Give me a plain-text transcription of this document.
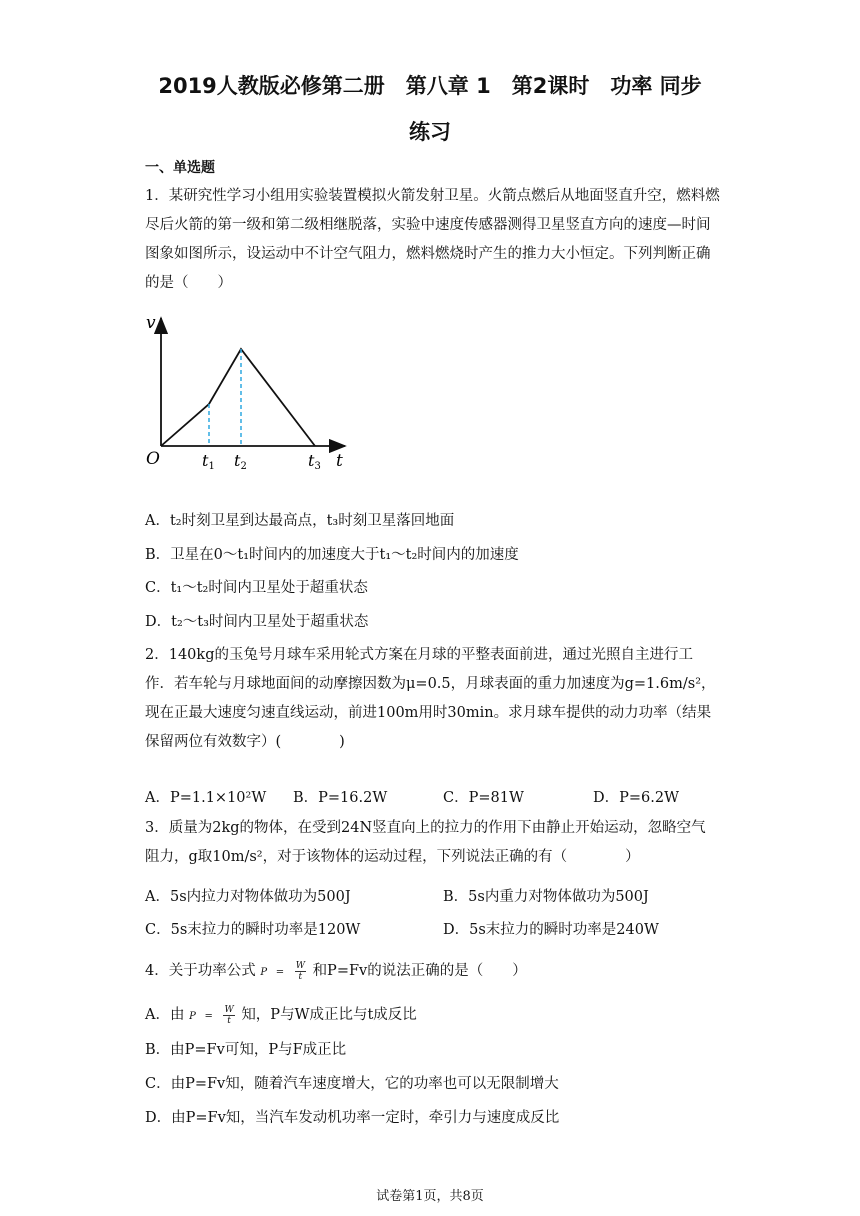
2019人教版必修第二册　第八章 1　第2课时　功率 同步
练习
一、单选题
1．某研究性学习小组用实验装置模拟火箭发射卫星。火箭点燃后从地面竖直升空，燃料燃尽后火箭的第一级和第二级相继脱落，实验中速度传感器测得卫星竖直方向的速度—时间图象如图所示，设运动中不计空气阻力，燃料燃烧时产生的推力大小恒定。下列判断正确的是（　　）
v
O	t
t1 t2	t3
A．t₂时刻卫星到达最高点，t₃时刻卫星落回地面
B．卫星在0～t₁时间内的加速度大于t₁～t₂时间内的加速度
C．t₁～t₂时间内卫星处于超重状态
D．t₂～t₃时间内卫星处于超重状态
2．140kg的玉兔号月球车采用轮式方案在月球的平整表面前进，通过光照自主进行工作．若车轮与月球地面间的动摩擦因数为μ=0.5，月球表面的重力加速度为g=1.6m/s²，现在正最大速度匀速直线运动，前进100m用时30min。求月球车提供的动力功率（结果保留两位有效数字）(　　　　)
A．P=1.1×10²W B．P=16.2W	C．P=81W	D．P=6.2W
3．质量为2kg的物体，在受到24N竖直向上的拉力的作用下由静止开始运动，忽略空气阻力，g取10m/s²，对于该物体的运动过程，下列说法正确的有（　　　　）
A．5s内拉力对物体做功为500J	B．5s内重力对物体做功为500J
C．5s末拉力的瞬时功率是120W	D．5s末拉力的瞬时功率是240W
4．关于功率公式 $P = \frac{W}{t}$ 和P=Fv的说法正确的是（　　）
A．由 $P = \frac{W}{t}$ 知，P与W成正比与t成反比
B．由P=Fv可知，P与F成正比
C．由P=Fv知，随着汽车速度增大，它的功率也可以无限制增大
D．由P=Fv知，当汽车发动机功率一定时，牵引力与速度成反比
试卷第1页，共8页
